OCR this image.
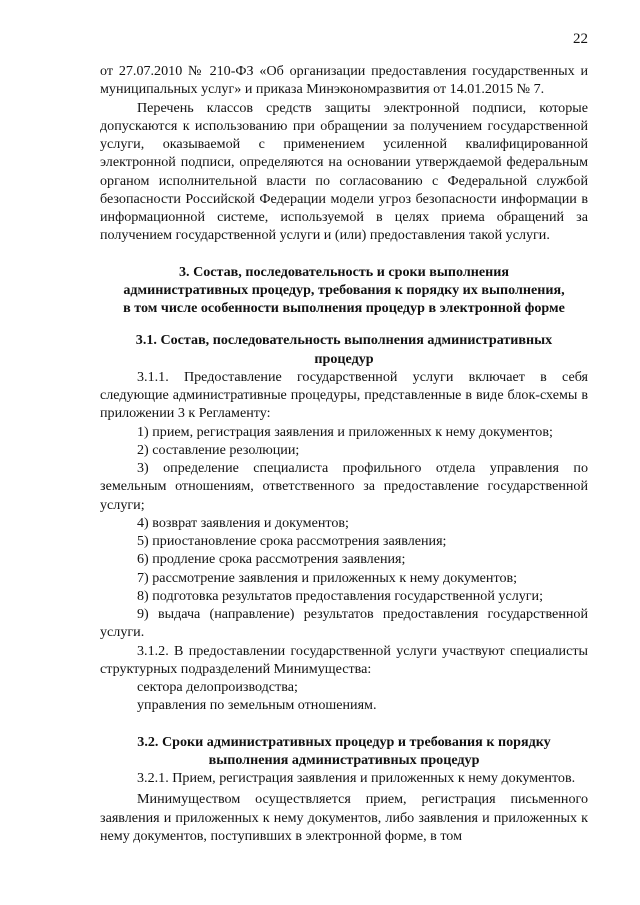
22

от 27.07.2010 № 210-ФЗ «Об организации предоставления государственных и муниципальных услуг» и приказа Минэкономразвития от 14.01.2015 № 7.

Перечень классов средств защиты электронной подписи, которые допускаются к использованию при обращении за получением государственной услуги, оказываемой с применением усиленной квалифицированной электронной подписи, определяются на основании утверждаемой федеральным органом исполнительной власти по согласованию с Федеральной службой безопасности Российской Федерации модели угроз безопасности информации в информационной системе, используемой в целях приема обращений за получением государственной услуги и (или) предоставления такой услуги.

3. Состав, последовательность и сроки выполнения

административных процедур, требования к порядку их выполнения,

в том числе особенности выполнения процедур в электронной форме

3.1. Состав, последовательность выполнения административных

процедур

3.1.1. Предоставление государственной услуги включает в себя следующие административные процедуры, представленные в виде блок-схемы в приложении 3 к Регламенту:

1) прием, регистрация заявления и приложенных к нему документов;

2) составление резолюции;

3) определение специалиста профильного отдела управления по земельным отношениям, ответственного за предоставление государственной услуги;

4) возврат заявления и документов;

5) приостановление срока рассмотрения заявления;

6) продление срока рассмотрения заявления;

7) рассмотрение заявления и приложенных к нему документов;

8) подготовка результатов предоставления государственной услуги;

9) выдача (направление) результатов предоставления государственной услуги.

3.1.2. В предоставлении государственной услуги участвуют специалисты структурных подразделений Минимущества:

сектора делопроизводства;

управления по земельным отношениям.

3.2. Сроки административных процедур и требования к порядку

выполнения административных процедур

3.2.1. Прием, регистрация заявления и приложенных к нему документов.

Минимуществом осуществляется прием, регистрация письменного заявления и приложенных к нему документов, либо заявления и приложенных к нему документов, поступивших в электронной форме, в том
